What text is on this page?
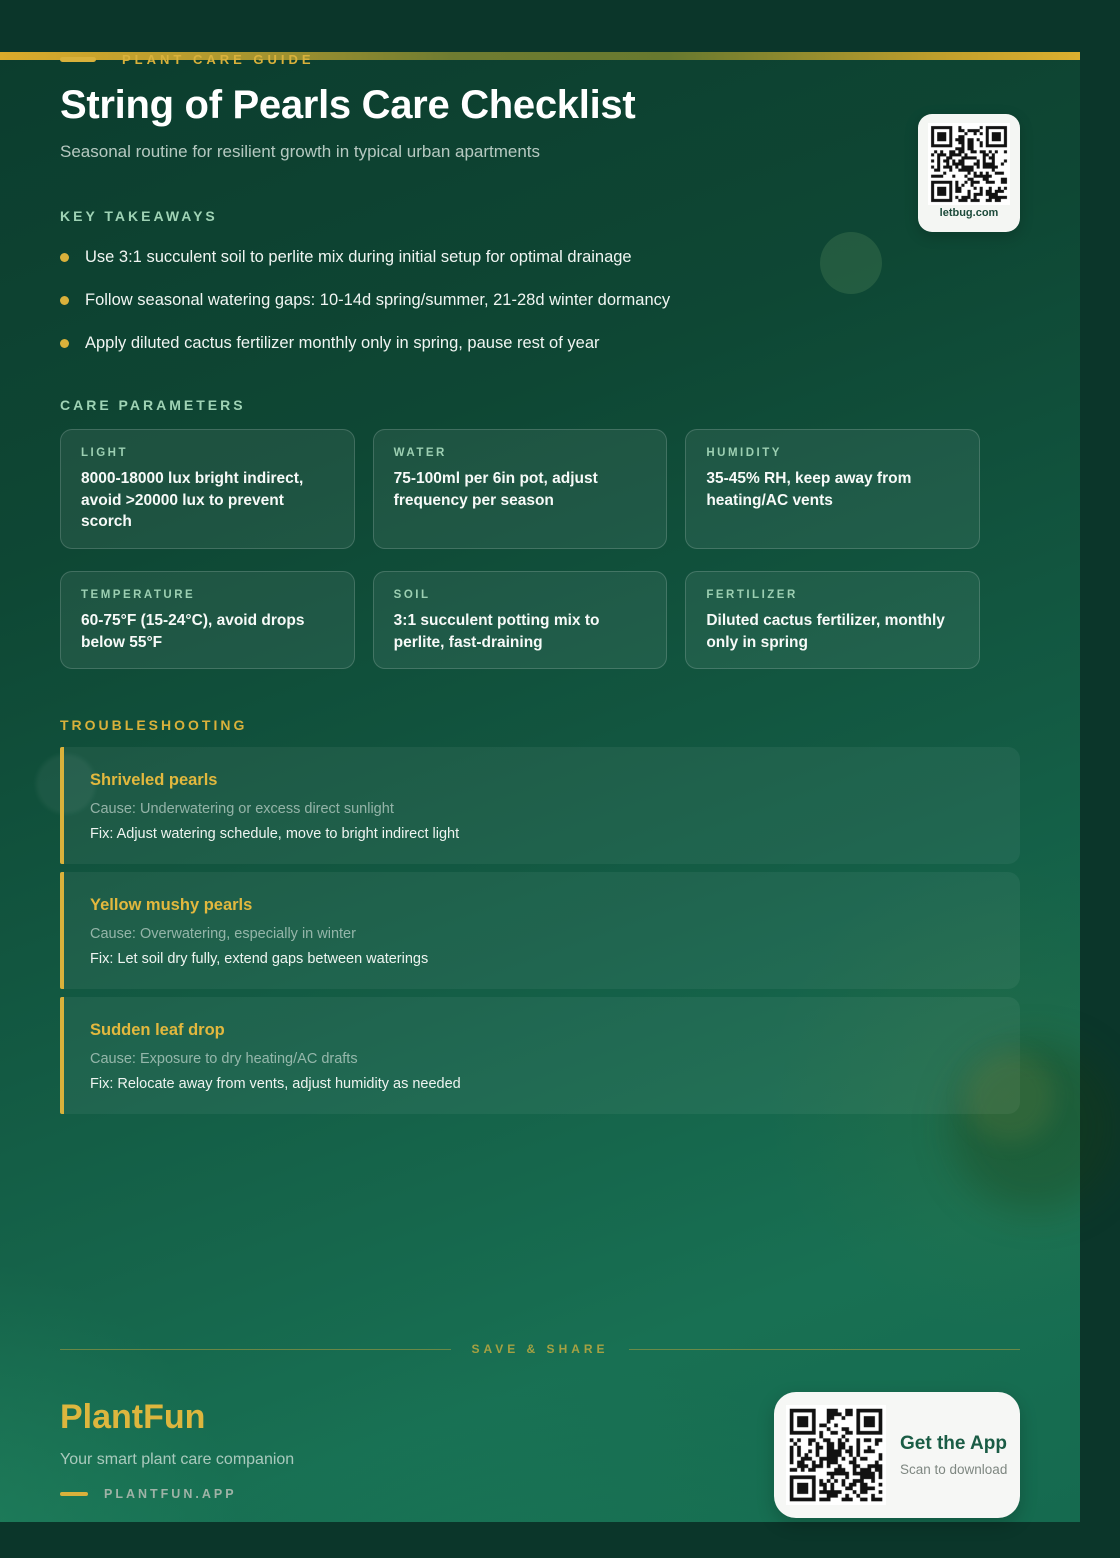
PLANT CARE GUIDE
String of Pearls Care Checklist
Seasonal routine for resilient growth in typical urban apartments
letbug.com
KEY TAKEAWAYS
Use 3:1 succulent soil to perlite mix during initial setup for optimal drainage
Follow seasonal watering gaps: 10-14d spring/summer, 21-28d winter dormancy
Apply diluted cactus fertilizer monthly only in spring, pause rest of year
CARE PARAMETERS
LIGHT
8000-18000 lux bright indirect, avoid >20000 lux to prevent scorch
WATER
75-100ml per 6in pot, adjust frequency per season
HUMIDITY
35-45% RH, keep away from heating/AC vents
TEMPERATURE
60-75°F (15-24°C), avoid drops below 55°F
SOIL
3:1 succulent potting mix to perlite, fast-draining
FERTILIZER
Diluted cactus fertilizer, monthly only in spring
TROUBLESHOOTING
Shriveled pearls
Cause: Underwatering or excess direct sunlight
Fix: Adjust watering schedule, move to bright indirect light
Yellow mushy pearls
Cause: Overwatering, especially in winter
Fix: Let soil dry fully, extend gaps between waterings
Sudden leaf drop
Cause: Exposure to dry heating/AC drafts
Fix: Relocate away from vents, adjust humidity as needed
SAVE & SHARE
PlantFun
Your smart plant care companion
PLANTFUN.APP
Get the App
Scan to download
